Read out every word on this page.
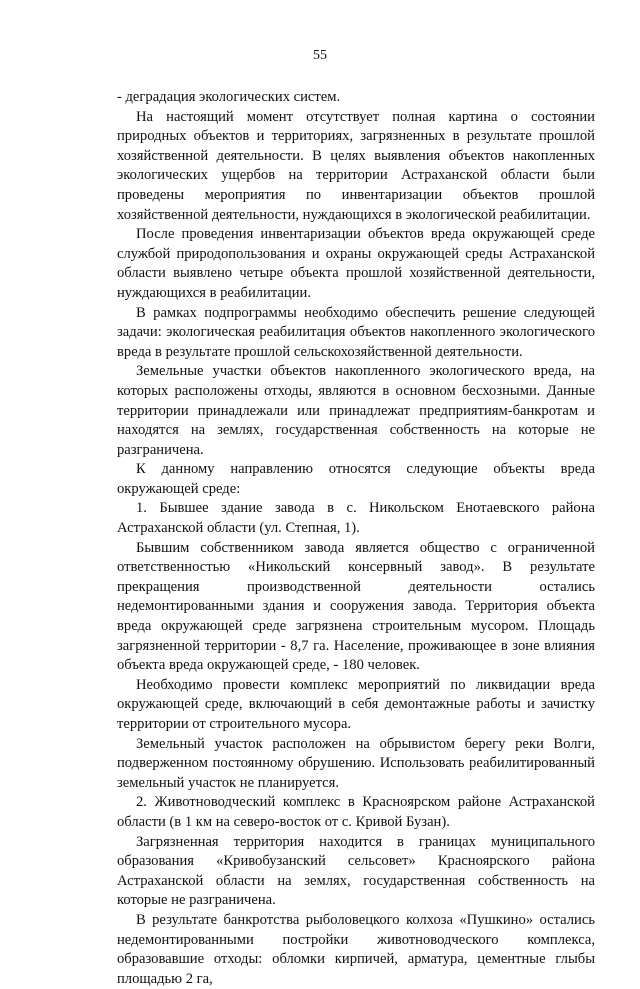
55

- деградация экологических систем.

На настоящий момент отсутствует полная картина о состоянии природных объектов и территориях, загрязненных в результате прошлой хозяйственной деятельности. В целях выявления объектов накопленных экологических ущербов на территории Астраханской области были проведены мероприятия по инвентаризации объектов прошлой хозяйственной деятельности, нуждающихся в экологической реабилитации.

После проведения инвентаризации объектов вреда окружающей среде службой природопользования и охраны окружающей среды Астраханской области выявлено четыре объекта прошлой хозяйственной деятельности, нуждающихся в реабилитации.

В рамках подпрограммы необходимо обеспечить решение следующей задачи: экологическая реабилитация объектов накопленного экологического вреда в результате прошлой сельскохозяйственной деятельности.

Земельные участки объектов накопленного экологического вреда, на которых расположены отходы, являются в основном бесхозными. Данные территории принадлежали или принадлежат предприятиям-банкротам и находятся на землях, государственная собственность на которые не разграничена.

К данному направлению относятся следующие объекты вреда окружающей среде:

1. Бывшее здание завода в с. Никольском Енотаевского района Астраханской области (ул. Степная, 1).

Бывшим собственником завода является общество с ограниченной ответственностью «Никольский консервный завод». В результате прекращения производственной деятельности остались недемонтированными здания и сооружения завода. Территория объекта вреда окружающей среде загрязнена строительным мусором. Площадь загрязненной территории - 8,7 га. Население, проживающее в зоне влияния объекта вреда окружающей среде, - 180 человек.

Необходимо провести комплекс мероприятий по ликвидации вреда окружающей среде, включающий в себя демонтажные работы и зачистку территории от строительного мусора.

Земельный участок расположен на обрывистом берегу реки Волги, подверженном постоянному обрушению. Использовать реабилитированный земельный участок не планируется.

2. Животноводческий комплекс в Красноярском районе Астраханской области (в 1 км на северо-восток от с. Кривой Бузан).

Загрязненная территория находится в границах муниципального образования «Кривобузанский сельсовет» Красноярского района Астраханской области на землях, государственная собственность на которые не разграничена.

В результате банкротства рыболовецкого колхоза «Пушкино» остались недемонтированными постройки животноводческого комплекса, образовавшие отходы: обломки кирпичей, арматура, цементные глыбы площадью 2 га,
